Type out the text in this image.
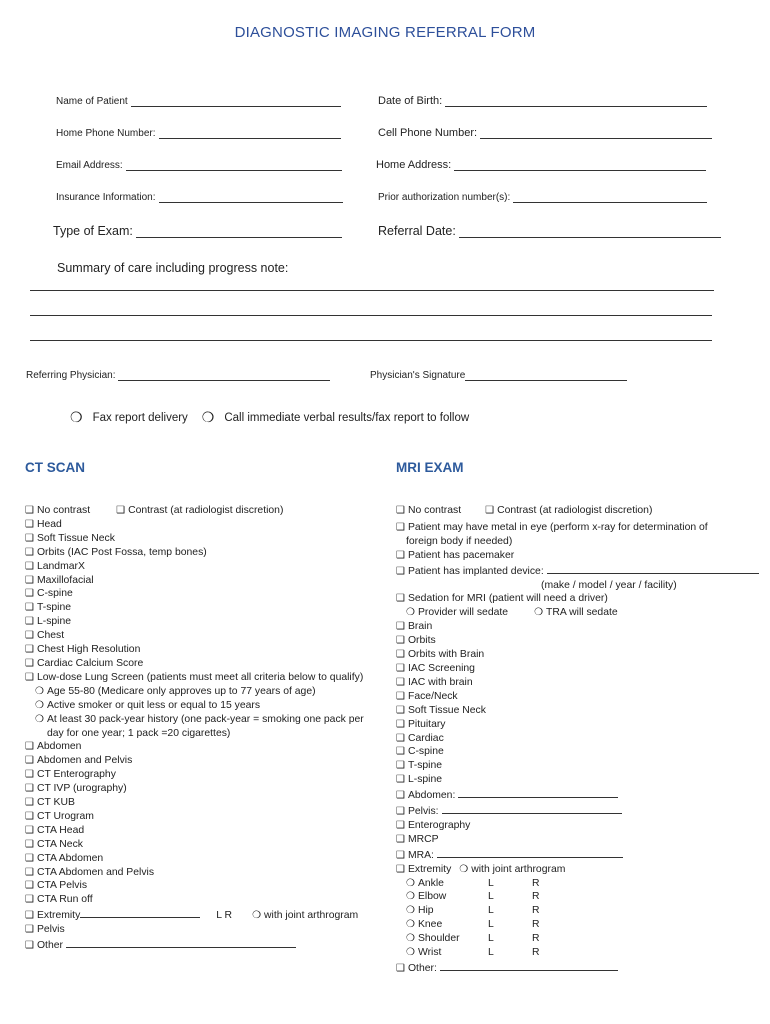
DIAGNOSTIC IMAGING REFERRAL FORM
Name of Patient	Date of Birth:
Home Phone Number:	Cell Phone Number:
Email Address:	Home Address:
Insurance Information:	Prior authorization number(s):
Type of Exam:	Referral Date:
Summary of care including progress note:
Referring Physician:	Physician's Signature
❍ Fax report delivery ❍ Call immediate verbal results/fax report to follow
CT SCAN	MRI EXAM
❑ No contrast	❑ Contrast (at radiologist discretion)
❑ Head
❑ Soft Tissue Neck
❑ Orbits (IAC Post Fossa, temp bones)
❑ LandmarX
❑ Maxillofacial
❑ C-spine
❑ T-spine
❑ L-spine
❑ Chest
❑ Chest High Resolution
❑ Cardiac Calcium Score
❑ Low-dose Lung Screen (patients must meet all criteria below to qualify)
❍ Age 55-80 (Medicare only approves up to 77 years of age)
❍ Active smoker or quit less or equal to 15 years
❍ At least 30 pack-year history (one pack-year = smoking one pack per
day for one year; 1 pack =20 cigarettes)
❑ Abdomen
❑ Abdomen and Pelvis
❑ CT Enterography
❑ CT IVP (urography)
❑ CT KUB
❑ CT Urogram
❑ CTA Head
❑ CTA Neck
❑ CTA Abdomen
❑ CTA Abdomen and Pelvis
❑ CTA Pelvis
❑ CTA Run off
❑ Extremity	L R ❍ with joint arthrogram
❑ Pelvis
❑ Other
❑ No contrast ❑ Contrast (at radiologist discretion)
❑ Patient may have metal in eye (perform x-ray for determination of
foreign body if needed)
❑ Patient has pacemaker
❑ Patient has implanted device:
(make / model / year / facility)
❑ Sedation for MRI (patient will need a driver)
❍ Provider will sedate	❍ TRA will sedate
❑ Brain
❑ Orbits
❑ Orbits with Brain
❑ IAC Screening
❑ IAC with brain
❑ Face/Neck
❑ Soft Tissue Neck
❑ Pituitary
❑ Cardiac
❑ C-spine
❑ T-spine
❑ L-spine
❑ Abdomen:
❑ Pelvis:
❑ Enterography
❑ MRCP
❑ MRA:
❑ Extremity ❍ with joint arthrogram
❍ Ankle	L	R
❍ Elbow	L	R
❍ Hip	L	R
❍ Knee	L	R
❍ Shoulder	L	R
❍ Wrist	L	R
❑ Other:
